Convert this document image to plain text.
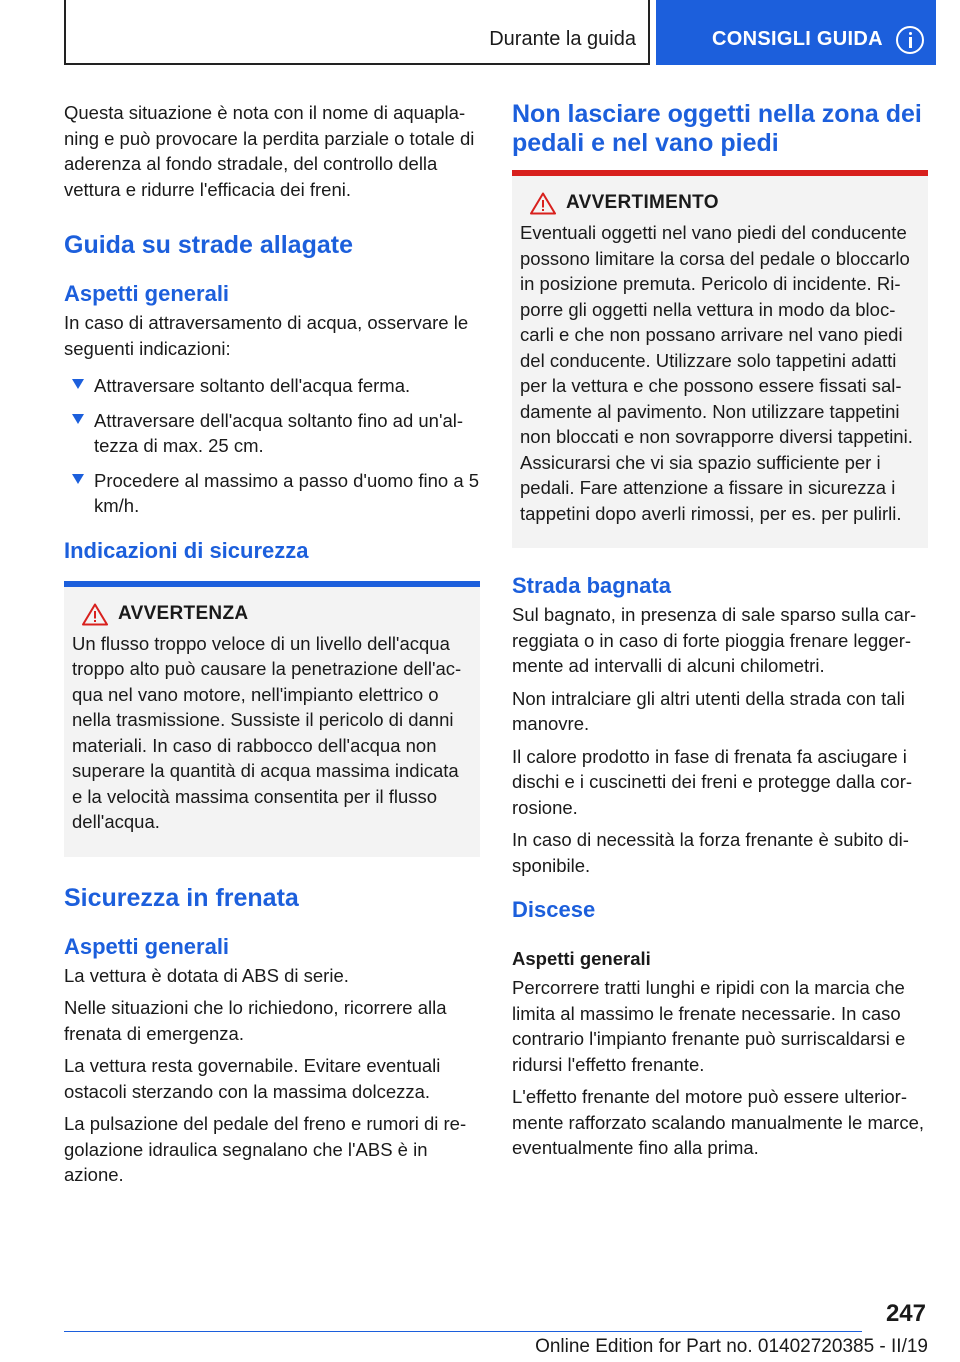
Durante la guida	CONSIGLI GUIDA

Questa situazione è nota con il nome di aquaplaning e può provocare la perdita parziale o totale di aderenza al fondo stradale, del controllo della vettura e ridurre l'efficacia dei freni.

Guida su strade allagate
Aspetti generali

In caso di attraversamento di acqua, osservare le seguenti indicazioni:

Attraversare soltanto dell'acqua ferma.
Attraversare dell'acqua soltanto fino ad un'altezza di max. 25 cm.
Procedere al massimo a passo d'uomo fino a 5 km/h.
Indicazioni di sicurezza
AVVERTENZA
Un flusso troppo veloce di un livello dell'acqua troppo alto può causare la penetrazione dell'acqua nel vano motore, nell'impianto elettrico o nella trasmissione. Sussiste il pericolo di danni materiali. In caso di rabbocco dell'acqua non superare la quantità di acqua massima indicata e la velocità massima consentita per il flusso dell'acqua.
Sicurezza in frenata
Aspetti generali

La vettura è dotata di ABS di serie.

Nelle situazioni che lo richiedono, ricorrere alla frenata di emergenza.

La vettura resta governabile. Evitare eventuali ostacoli sterzando con la massima dolcezza.

La pulsazione del pedale del freno e rumori di regolazione idraulica segnalano che l'ABS è in azione.

Non lasciare oggetti nella zona dei pedali e nel vano piedi
AVVERTIMENTO
Eventuali oggetti nel vano piedi del conducente possono limitare la corsa del pedale o bloccarlo in posizione premuta. Pericolo di incidente. Riporre gli oggetti nella vettura in modo da bloccarli e che non possano arrivare nel vano piedi del conducente. Utilizzare solo tappetini adatti per la vettura e che possono essere fissati saldamente al pavimento. Non utilizzare tappetini non bloccati e non sovrapporre diversi tappetini. Assicurarsi che vi sia spazio sufficiente per i pedali. Fare attenzione a fissare in sicurezza i tappetini dopo averli rimossi, per es. per pulirli.
Strada bagnata

Sul bagnato, in presenza di sale sparso sulla carreggiata o in caso di forte pioggia frenare leggermente ad intervalli di alcuni chilometri.

Non intralciare gli altri utenti della strada con tali manovre.

Il calore prodotto in fase di frenata fa asciugare i dischi e i cuscinetti dei freni e protegge dalla corrosione.

In caso di necessità la forza frenante è subito disponibile.

Discese
Aspetti generali

Percorrere tratti lunghi e ripidi con la marcia che limita al massimo le frenate necessarie. In caso contrario l'impianto frenante può surriscaldarsi e ridursi l'effetto frenante.

L'effetto frenante del motore può essere ulteriormente rafforzato scalando manualmente le marce, eventualmente fino alla prima.

247
Online Edition for Part no. 01402720385 - II/19
